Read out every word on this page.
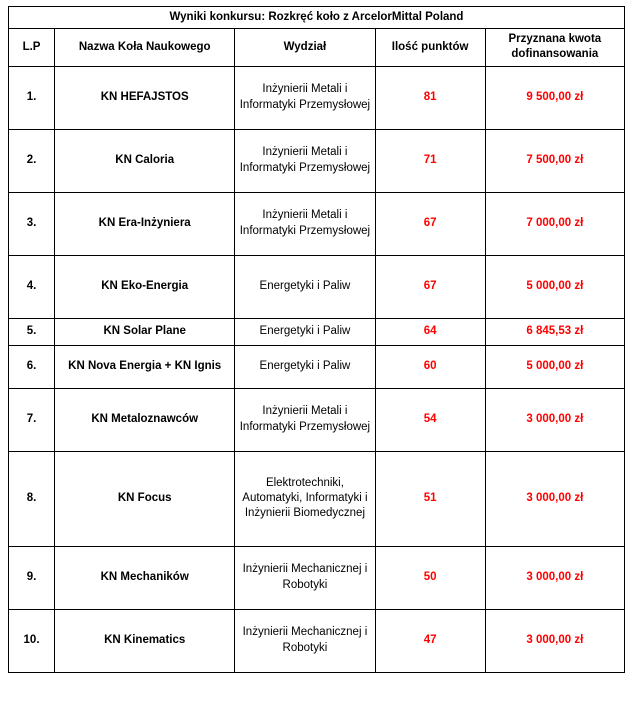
Wyniki konkursu: Rozkręć koło z ArcelorMittal Poland				
L.P	Nazwa Koła Naukowego	Wydział	Ilość punktów	Przyznana kwota dofinansowania
1.	KN HEFAJSTOS	Inżynierii Metali i Informatyki Przemysłowej	81	9 500,00 zł
2.	KN Caloria	Inżynierii Metali i Informatyki Przemysłowej	71	7 500,00 zł
3.	KN Era-Inżyniera	Inżynierii Metali i Informatyki Przemysłowej	67	7 000,00 zł
4.	KN Eko-Energia	Energetyki i Paliw	67	5 000,00 zł
5.	KN Solar Plane	Energetyki i Paliw	64	6 845,53 zł
6.	KN Nova Energia + KN Ignis	Energetyki i Paliw	60	5 000,00 zł
7.	KN Metaloznawców	Inżynierii Metali i Informatyki Przemysłowej	54	3 000,00 zł
8.	KN Focus	Elektrotechniki, Automatyki, Informatyki i Inżynierii Biomedycznej	51	3 000,00 zł
9.	KN Mechaników	Inżynierii Mechanicznej i Robotyki	50	3 000,00 zł
10.	KN Kinematics	Inżynierii Mechanicznej i Robotyki	47	3 000,00 zł
